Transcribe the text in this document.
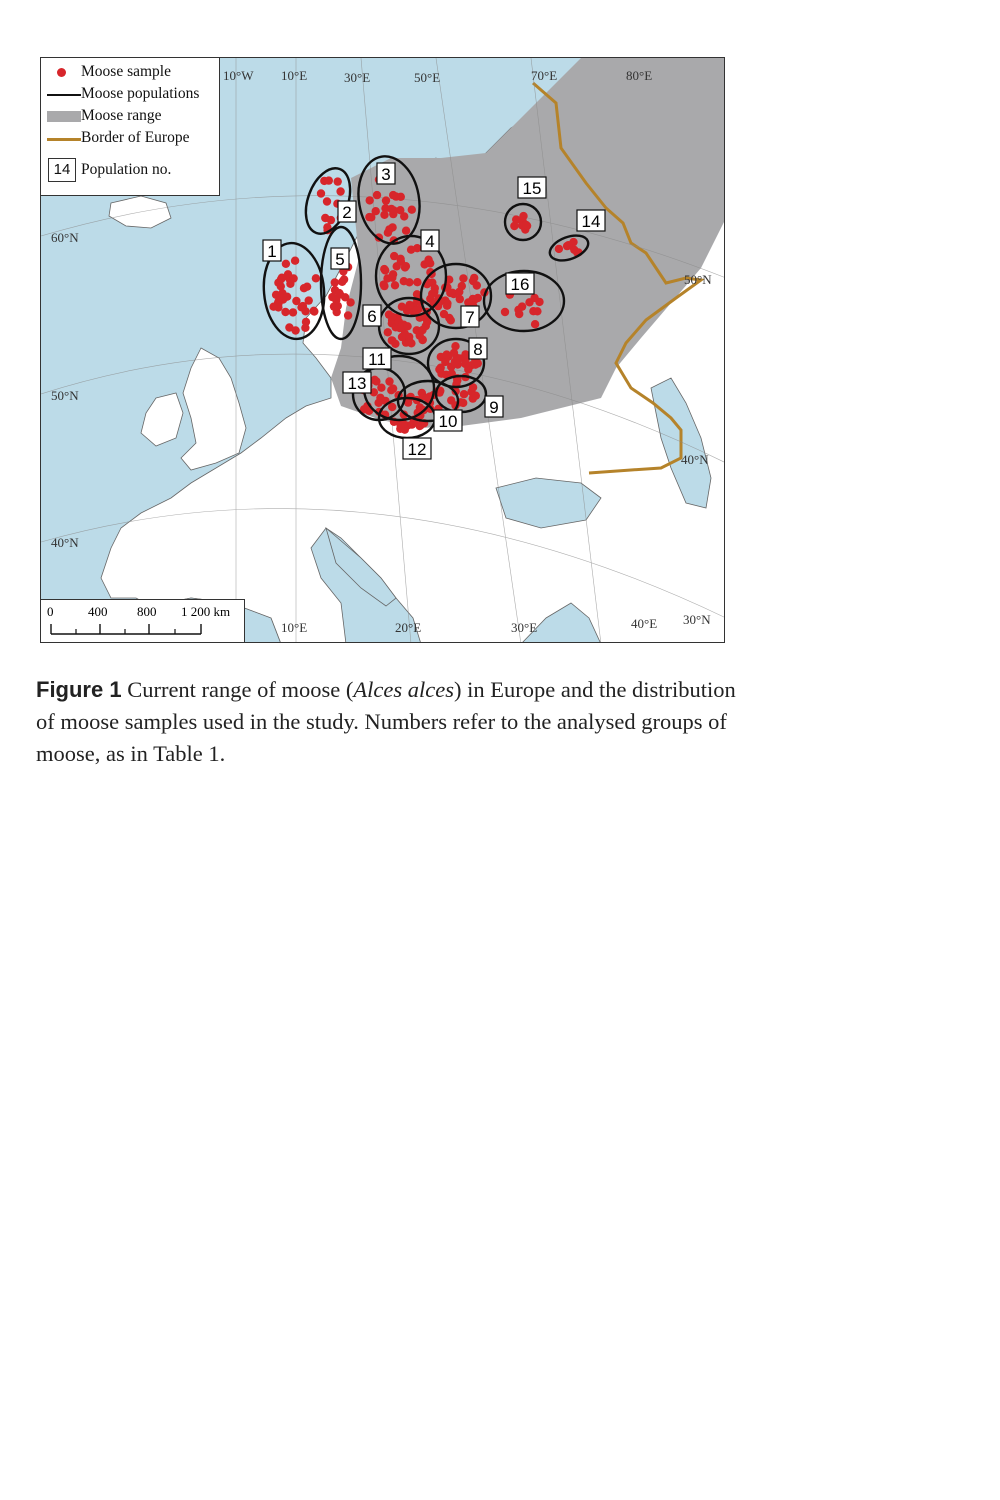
10°W 10°E	30°E	50°E	70°E	80°E
60°N
50°N
40°N
50°N
40°N
30°N
10°E	20°E	30°E	40°E
1
2
3
4
5
6	7
8
9
10
11
12
13
14
15
16
Moose sample
Moose populations
Moose range
Border of Europe
14 Population no.
0	400 800 1 200 km
Figure 1 Current range of moose (Alces alces) in Europe and the distribution of moose samples used in the study. Numbers refer to the analysed groups of moose, as in Table 1.
